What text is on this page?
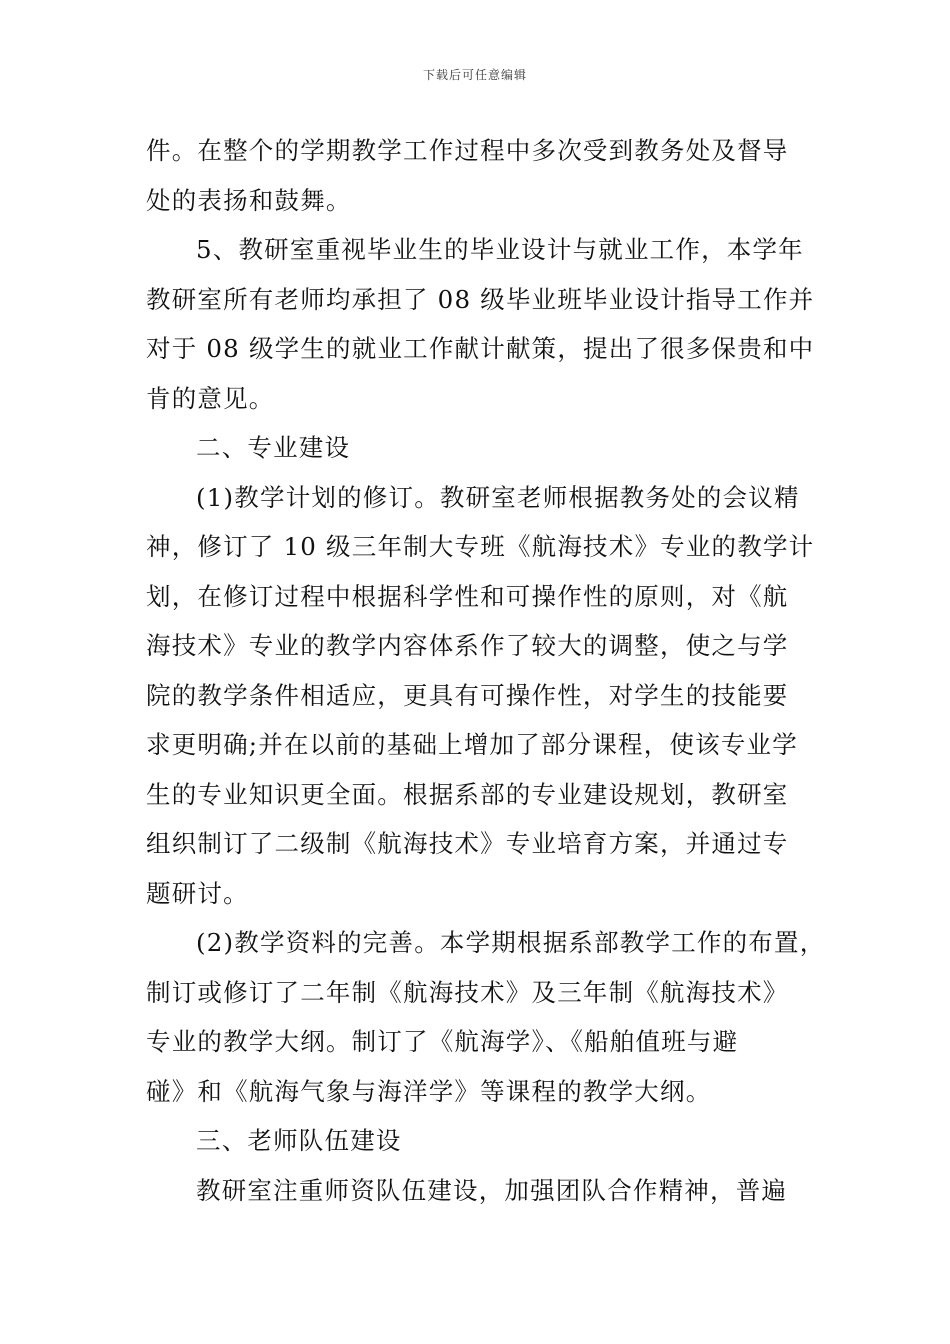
下载后可任意编辑
件。在整个的学期教学工作过程中多次受到教务处及督导
处的表扬和鼓舞。
5、教研室重视毕业生的毕业设计与就业工作，本学年
教研室所有老师均承担了 08 级毕业班毕业设计指导工作并
对于 08 级学生的就业工作献计献策，提出了很多保贵和中
肯的意见。
二、专业建设
(1)教学计划的修订。教研室老师根据教务处的会议精
神，修订了 10 级三年制大专班《航海技术》专业的教学计
划，在修订过程中根据科学性和可操作性的原则，对《航
海技术》专业的教学内容体系作了较大的调整，使之与学
院的教学条件相适应，更具有可操作性，对学生的技能要
求更明确;并在以前的基础上增加了部分课程，使该专业学
生的专业知识更全面。根据系部的专业建设规划，教研室
组织制订了二级制《航海技术》专业培育方案，并通过专
题研讨。
(2)教学资料的完善。本学期根据系部教学工作的布置，
制订或修订了二年制《航海技术》及三年制《航海技术》
专业的教学大纲。制订了《航海学》、《船舶值班与避
碰》和《航海气象与海洋学》等课程的教学大纲。
三、老师队伍建设
教研室注重师资队伍建设，加强团队合作精神，普遍
